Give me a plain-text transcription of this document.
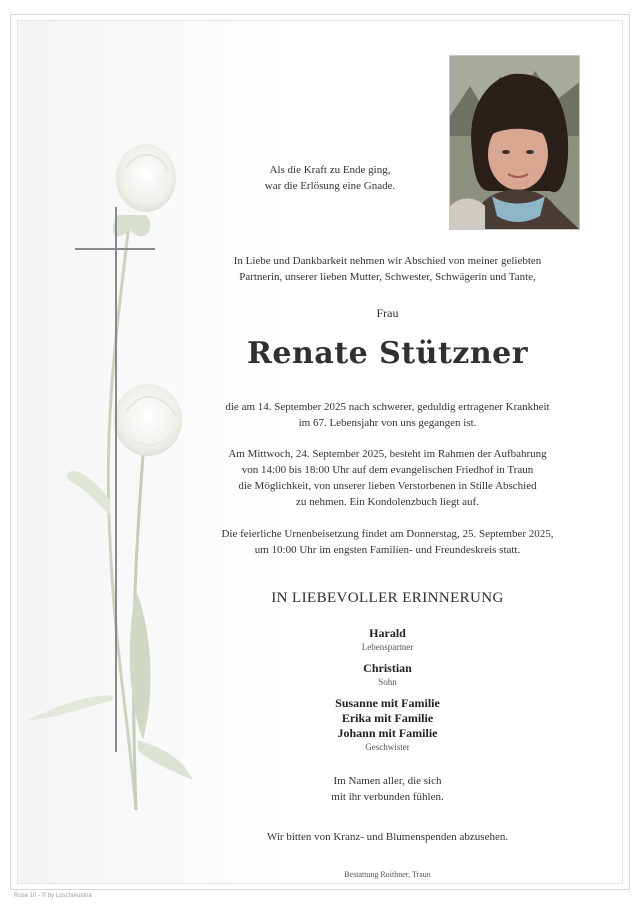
Als die Kraft zu Ende ging,
war die Erlösung eine Gnade.
In Liebe und Dankbarkeit nehmen wir Abschied von meiner geliebten
Partnerin, unserer lieben Mutter, Schwester, Schwägerin und Tante,
Frau
Renate Stützner
die am 14. September 2025 nach schwerer, geduldig ertragener Krankheit
im 67. Lebensjahr von uns gegangen ist.
Am Mittwoch, 24. September 2025, besteht im Rahmen der Aufbahrung
von 14:00 bis 18:00 Uhr auf dem evangelischen Friedhof in Traun
die Möglichkeit, von unserer lieben Verstorbenen in Stille Abschied
zu nehmen. Ein Kondolenzbuch liegt auf.
Die feierliche Urnenbeisetzung findet am Donnerstag, 25. September 2025,
um 10:00 Uhr im engsten Familien- und Freundeskreis statt.
IN LIEBEVOLLER ERINNERUNG
Harald
Lebenspartner
Christian
Sohn
Susanne mit Familie
Erika mit Familie
Johann mit Familie
Geschwister
Im Namen aller, die sich
mit ihr verbunden fühlen.
Wir bitten von Kranz- und Blumenspenden abzusehen.
Bestattung Roithner, Traun
Rose 10 - © by LoschiAustria
